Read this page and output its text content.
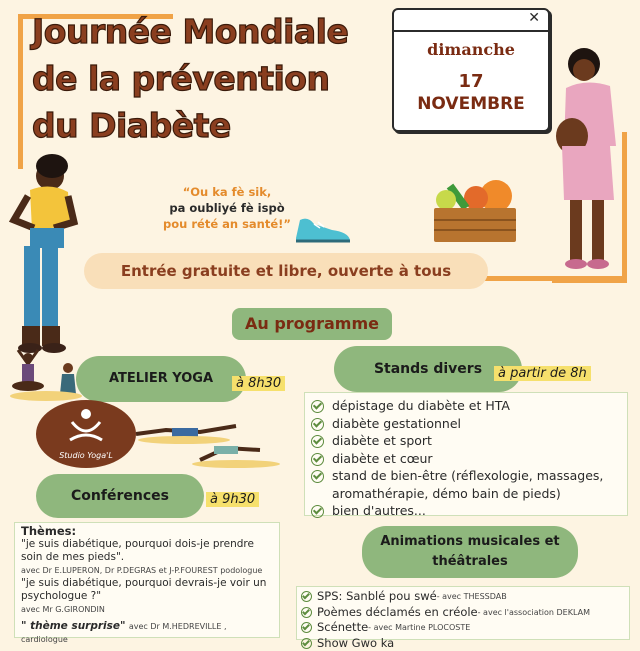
Journée Mondiale
de la prévention
du Diabète
✕
dimanche
17
NOVEMBRE
“Ou ka fè sik,
pa oubliyé fè ispò
pou rété an santé!”
Entrée gratuite et libre, ouverte à tous
Au programme
ATELIER YOGA	à 8h30
Studio Yoga'L
Stands divers	à partir de 8h
dépistage du diabète et HTA
diabète gestationnel
diabète et sport
diabète et cœur
stand de bien-être (réflexologie, massages, aromathérapie, démo bain de pieds)
bien d'autres...
Conférences	à 9h30
Thèmes:
"je suis diabétique, pourquoi dois-je prendre soin de mes pieds".
avec Dr E.LUPERON, Dr P.DEGRAS et J-P.FOUREST podologue
"je suis diabétique, pourquoi devrais-je voir un psychologue ?"
avec Mr G.GIRONDIN
" thème surprise" avec Dr M.HEDREVILLE , cardiologue
Animations musicales et
théâtrales
SPS: Sanblé pou swé - avec THESSDAB
Poèmes déclamés en créole - avec l'association DEKLAM
Scénette - avec Martine PLOCOSTE
Show Gwo ka
